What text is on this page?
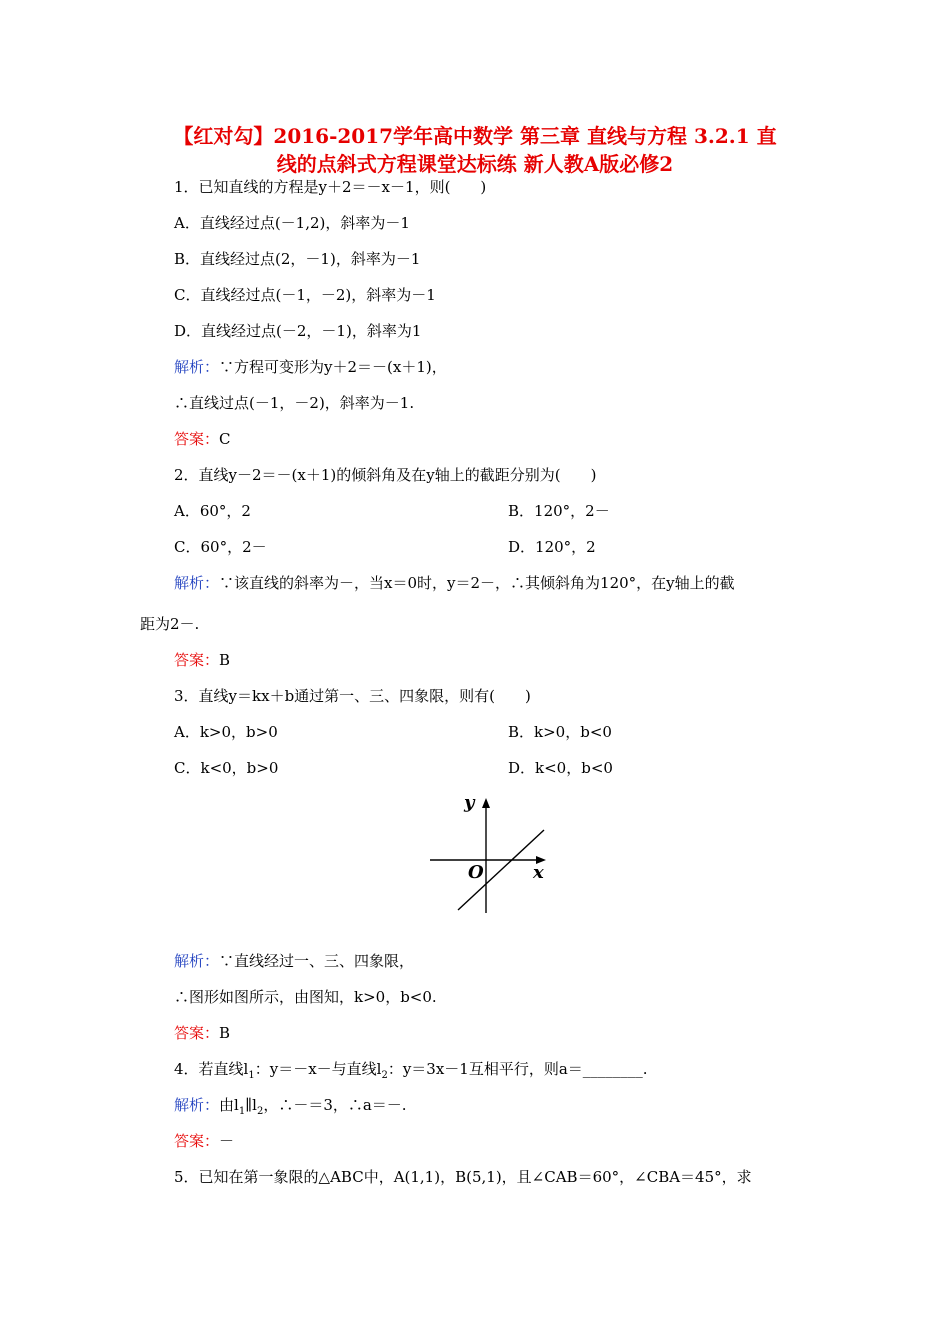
【红对勾】2016-2017学年高中数学 第三章 直线与方程 3.2.1 直
线的点斜式方程课堂达标练 新人教A版必修2
1．已知直线的方程是y＋2＝－x－1，则(　　)
A．直线经过点(－1,2)，斜率为－1
B．直线经过点(2，－1)，斜率为－1
C．直线经过点(－1，－2)，斜率为－1
D．直线经过点(－2，－1)，斜率为1
解析：∵方程可变形为y＋2＝－(x＋1)，
∴直线过点(－1，－2)，斜率为－1.
答案：C
2．直线y－2＝－(x＋1)的倾斜角及在y轴上的截距分别为(　　)
A．60°，2	B．120°，2－
C．60°，2－	D．120°，2
解析：∵该直线的斜率为－，当x＝0时，y＝2－，∴其倾斜角为120°，在y轴上的截
距为2－.
答案：B
3．直线y＝kx＋b通过第一、三、四象限，则有(　　)
A．k>0，b>0	B．k>0，b<0
C．k<0，b>0	D．k<0，b<0
y
x
O
解析：∵直线经过一、三、四象限，
∴图形如图所示，由图知，k>0，b<0.
答案：B
4．若直线$l_1$：y＝－x－与直线$l_2$：y＝3x－1互相平行，则a＝________.
解析：由$l_1\parallel l_2$，∴－＝3，∴a＝－.
答案：－
5．已知在第一象限的△ABC中，A(1,1)，B(5,1)，且∠CAB＝60°，∠CBA＝45°，求
